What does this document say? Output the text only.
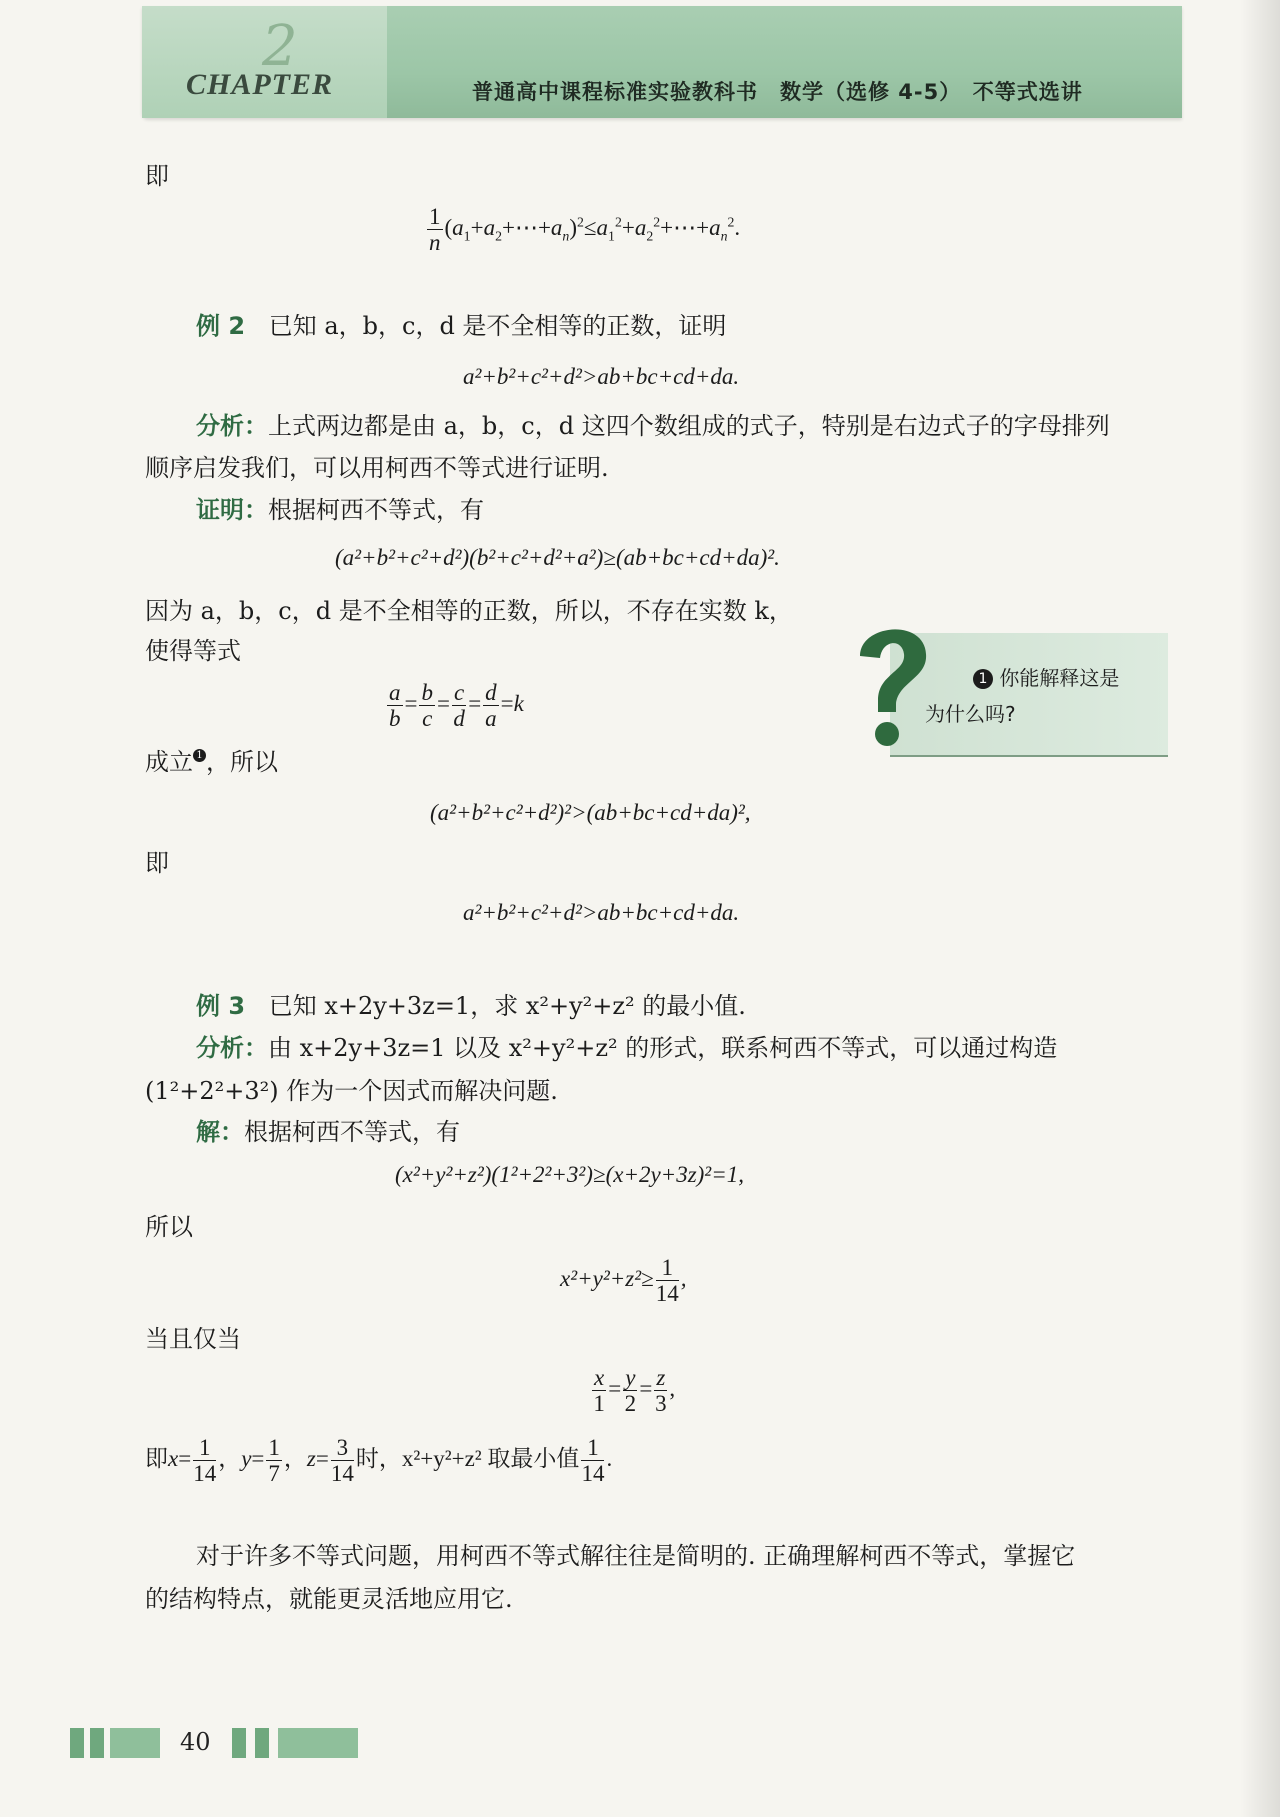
2
CHAPTER	普通高中课程标准实验教科书　数学（选修 4-5）　不等式选讲
即
$\frac{1}{n}$ $(a_1+a_2+\cdots+a_n)^2\le a_1^2+a_2^2+\cdots+a_n^2$.
例 2 已知 a，b，c，d 是不全相等的正数，证明
a²+b²+c²+d²>ab+bc+cd+da.
分析：上式两边都是由 a，b，c，d 这四个数组成的式子，特别是右边式子的字母排列
顺序启发我们，可以用柯西不等式进行证明.
证明：根据柯西不等式，有
(a²+b²+c²+d²)(b²+c²+d²+a²)≥(ab+bc+cd+da)².
因为 a，b，c，d 是不全相等的正数，所以，不存在实数 k，
使得等式
$\frac{a}{b} = \frac{b}{c} = \frac{c}{d} = \frac{d}{a} =k$
成立 1 ，所以
(a²+b²+c²+d²)²>(ab+bc+cd+da)²,
即
a²+b²+c²+d²>ab+bc+cd+da.
例 3 已知 x+2y+3z=1，求 x²+y²+z² 的最小值.
分析：由 x+2y+3z=1 以及 x²+y²+z² 的形式，联系柯西不等式，可以通过构造
(1²+2²+3²) 作为一个因式而解决问题.
解：根据柯西不等式，有
(x²+y²+z²)(1²+2²+3²)≥(x+2y+3z)²=1,
所以
$x^2+y^2+z^2\ge \frac{1}{14}$ ,
当且仅当
$\frac{x}{1} = \frac{y}{2} = \frac{z}{3}$ ,
即$x= \frac{1}{14}$ ，$y= \frac{1}{7}$ ，$z= \frac{3}{14}$ 时，x²+y²+z² 取最小值 $\frac{1}{14}$ .
对于许多不等式问题，用柯西不等式解往往是简明的. 正确理解柯西不等式，掌握它
的结构特点，就能更灵活地应用它.
1 你能解释这是
为什么吗?
40
